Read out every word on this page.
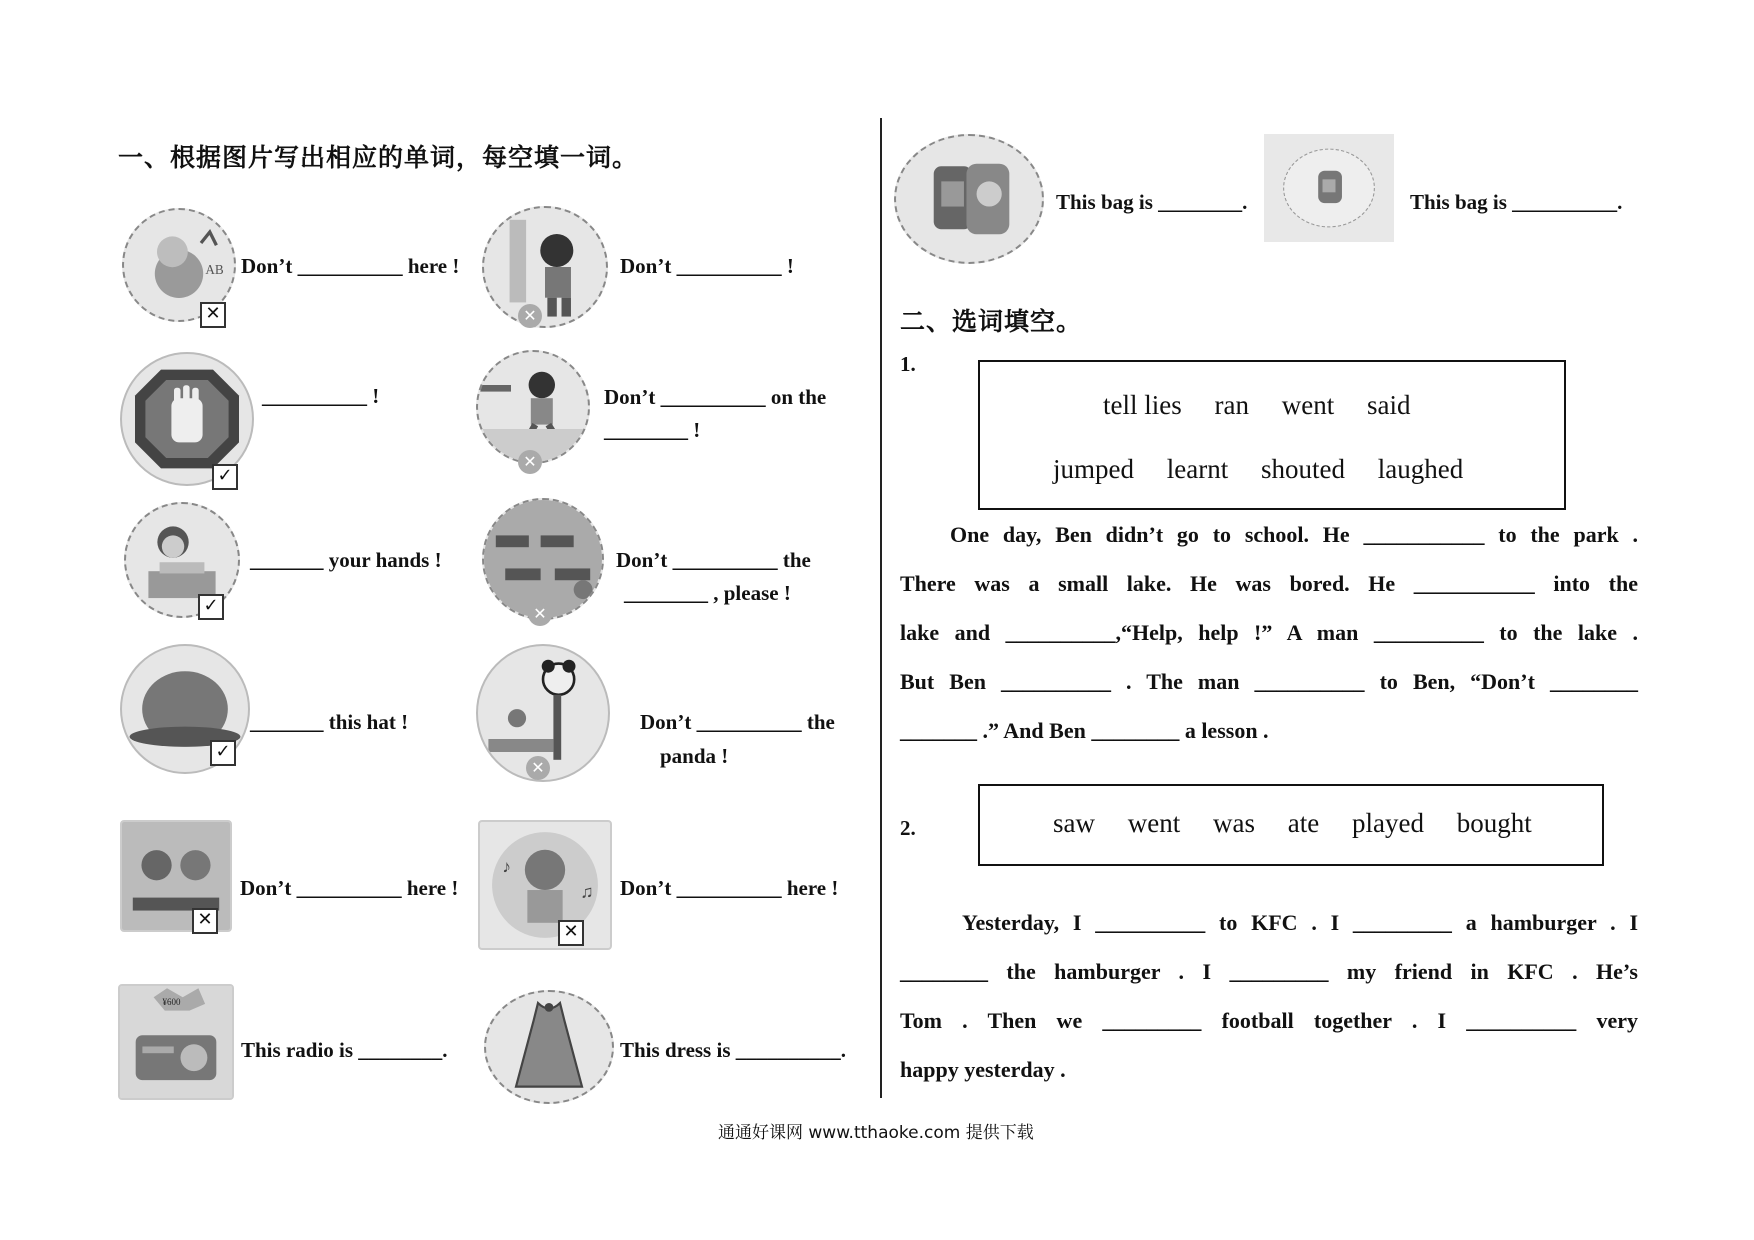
一、根据图片写出相应的单词，每空填一词。
AB
✕
Don’t __________ here !
✕
Don’t __________ !
✓
__________ !
✕
Don’t __________ on the
________ !
✓
_______ your hands !
✕
Don’t __________ the
________ , please !
✓
_______ this hat !
✕
Don’t __________ the
panda !
✕
Don’t __________ here !
♪
♫
✕
Don’t __________ here !
¥600
This radio is ________.	This dress is __________.
This bag is ________.	This bag is __________.
二、选词填空。
1.
tell lies ran went said
jumped learnt shouted laughed
One day, Ben didn’t go to school. He ___________ to the park .
There was a small lake. He was bored. He ___________ into the
lake and __________,“Help, help !” A man __________ to the lake .
But Ben __________ . The man __________ to Ben, “Don’t ________
_______ .” And Ben ________ a lesson .
2.	saw went was ate played bought
Yesterday, I __________ to KFC . I _________ a hamburger . I
________ the hamburger . I _________ my friend in KFC . He’s
Tom . Then we _________ football together . I __________ very
happy yesterday .
通通好课网 www.tthaoke.com 提供下载
